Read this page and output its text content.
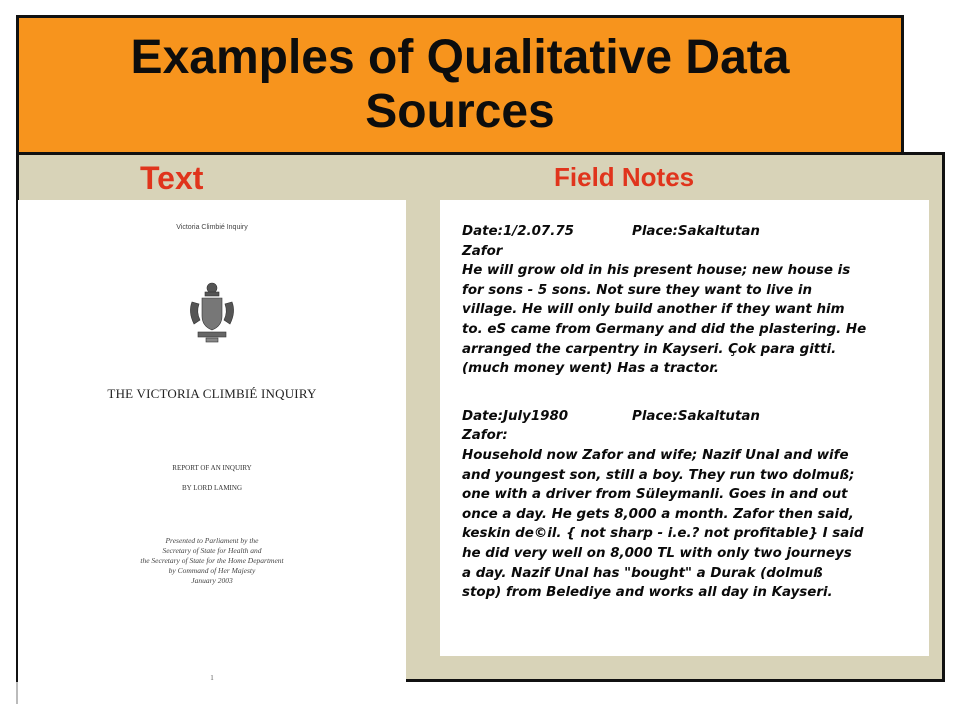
Examples of Qualitative Data Sources
Text	Field Notes
Victoria Climbié Inquiry
THE VICTORIA CLIMBIÉ INQUIRY
REPORT OF AN INQUIRY
BY LORD LAMING
Presented to Parliament by the
Secretary of State for Health and
the Secretary of State for the Home Department
by Command of Her Majesty
January 2003
1
Date:1/2.07.75	Place:Sakaltutan
Zafor
He will grow old in his present house; new house is
for sons - 5 sons. Not sure they want to live in
village. He will only build another if they want him
to. eS came from Germany and did the plastering. He
arranged the carpentry in Kayseri. Çok para gitti.
(much money went) Has a tractor.
Date:July1980	Place:Sakaltutan
Zafor:
Household now Zafor and wife; Nazif Unal and wife
and youngest son, still a boy. They run two dolmuß;
one with a driver from Süleymanli. Goes in and out
once a day. He gets 8,000 a month. Zafor then said,
keskin de©il. { not sharp - i.e.? not profitable} I said
he did very well on 8,000 TL with only two journeys
a day. Nazif Unal has "bought" a Durak (dolmuß
stop) from Belediye and works all day in Kayseri.
